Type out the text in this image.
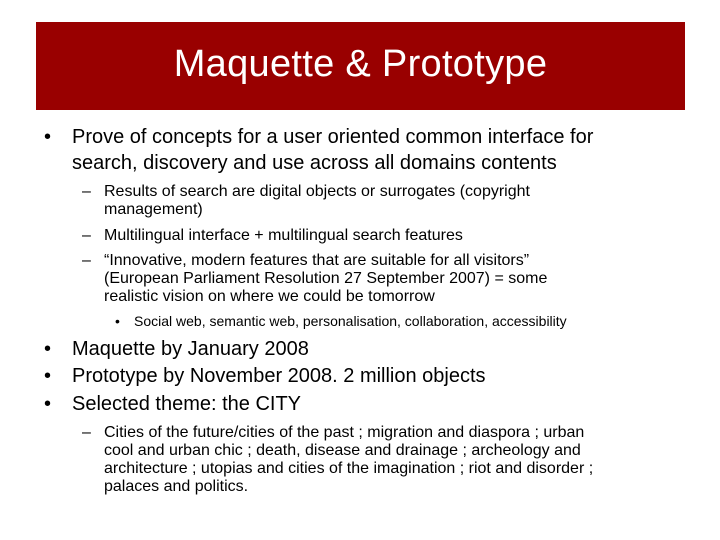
Maquette & Prototype
• Prove of concepts for a user oriented common interface for
search, discovery and use across all domains contents
– Results of search are digital objects or surrogates (copyright
management)
– Multilingual interface + multilingual search features
– “Innovative, modern features that are suitable for all visitors”
(European Parliament Resolution 27 September 2007) = some
realistic vision on where we could be tomorrow
• Social web, semantic web, personalisation, collaboration, accessibility
• Maquette by January 2008
• Prototype by November 2008. 2 million objects
• Selected theme: the CITY
– Cities of the future/cities of the past ; migration and diaspora ; urban
cool and urban chic ; death, disease and drainage ; archeology and
architecture ; utopias and cities of the imagination ; riot and disorder ;
palaces and politics.
